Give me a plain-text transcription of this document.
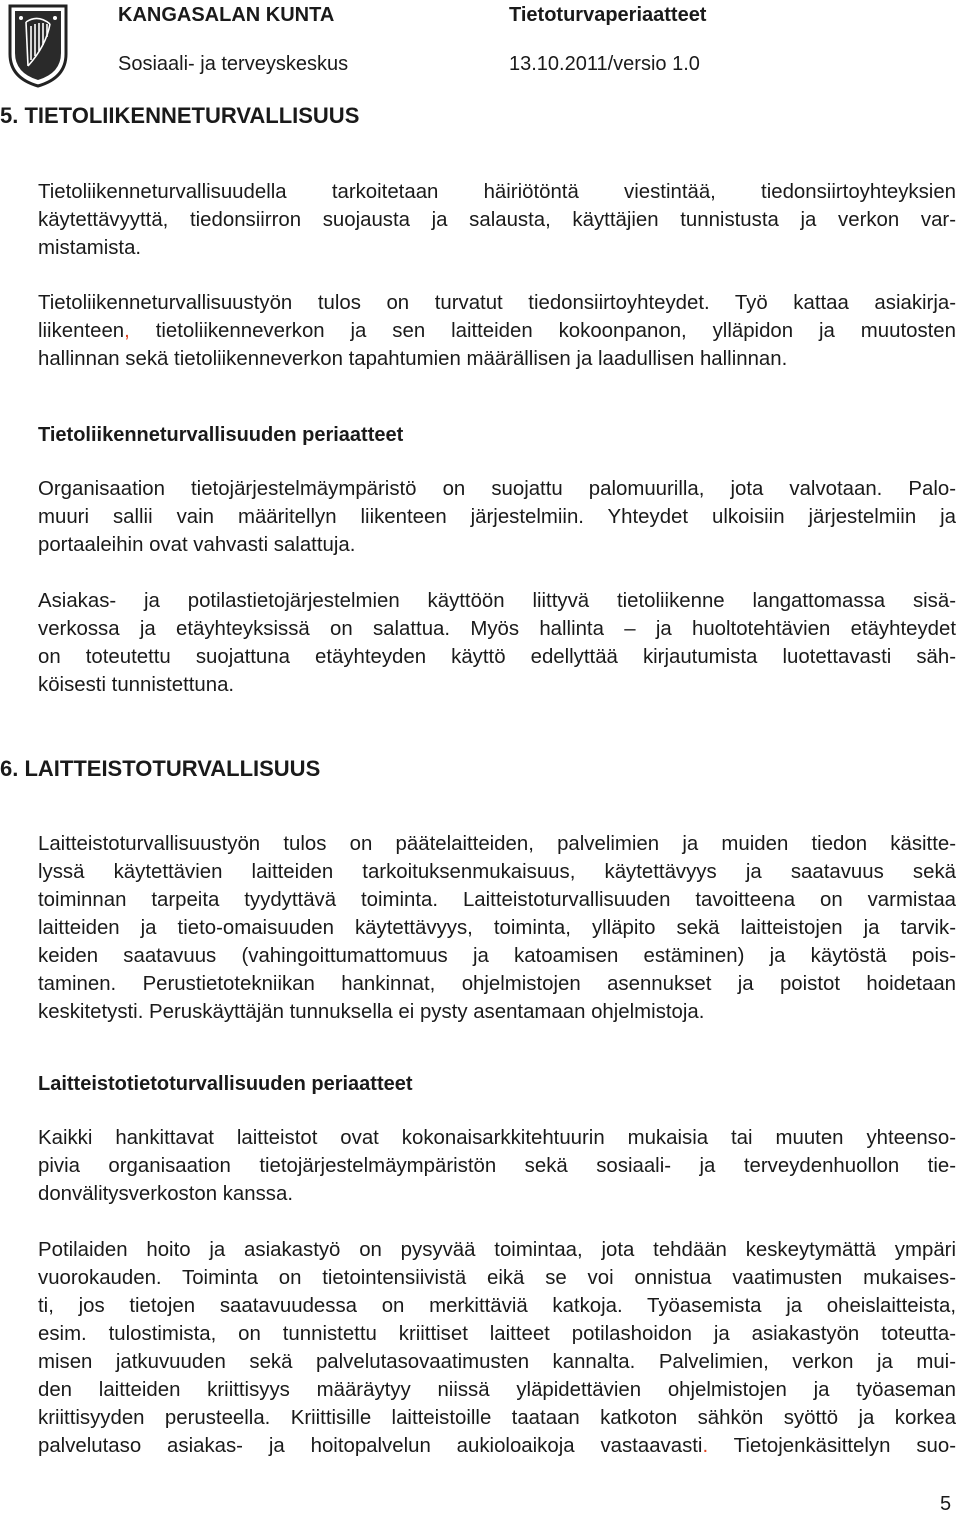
KANGASALAN KUNTA	Tietoturvaperiaatteet
Sosiaali- ja terveyskeskus	13.10.2011/versio 1.0
5. TIETOLIIKENNETURVALLISUUS
Tietoliikenneturvallisuudella tarkoitetaan häiriötöntä viestintää, tiedonsiirtoyhteyksien
käytettävyyttä, tiedonsiirron suojausta ja salausta, käyttäjien tunnistusta ja verkon var-
mistamista.
Tietoliikenneturvallisuustyön tulos on turvatut tiedonsiirtoyhteydet. Työ kattaa asiakirja-
liikenteen, tietoliikenneverkon ja sen laitteiden kokoonpanon, ylläpidon ja muutosten
hallinnan sekä tietoliikenneverkon tapahtumien määrällisen ja laadullisen hallinnan.
Tietoliikenneturvallisuuden periaatteet
Organisaation tietojärjestelmäympäristö on suojattu palomuurilla, jota valvotaan. Palo-
muuri sallii vain määritellyn liikenteen järjestelmiin. Yhteydet ulkoisiin järjestelmiin ja
portaaleihin ovat vahvasti salattuja.
Asiakas- ja potilastietojärjestelmien käyttöön liittyvä tietoliikenne langattomassa sisä-
verkossa ja etäyhteyksissä on salattua. Myös hallinta – ja huoltotehtävien etäyhteydet
on toteutettu suojattuna etäyhteyden käyttö edellyttää kirjautumista luotettavasti säh-
köisesti tunnistettuna.
6. LAITTEISTOTURVALLISUUS
Laitteistoturvallisuustyön tulos on päätelaitteiden, palvelimien ja muiden tiedon käsitte-
lyssä käytettävien laitteiden tarkoituksenmukaisuus, käytettävyys ja saatavuus sekä
toiminnan tarpeita tyydyttävä toiminta. Laitteistoturvallisuuden tavoitteena on varmistaa
laitteiden ja tieto-omaisuuden käytettävyys, toiminta, ylläpito sekä laitteistojen ja tarvik-
keiden saatavuus (vahingoittumattomuus ja katoamisen estäminen) ja käytöstä pois-
taminen. Perustietotekniikan hankinnat, ohjelmistojen asennukset ja poistot hoidetaan
keskitetysti. Peruskäyttäjän tunnuksella ei pysty asentamaan ohjelmistoja.
Laitteistotietoturvallisuuden periaatteet
Kaikki hankittavat laitteistot ovat kokonaisarkkitehtuurin mukaisia tai muuten yhteenso-
pivia organisaation tietojärjestelmäympäristön sekä sosiaali- ja terveydenhuollon tie-
donvälitysverkoston kanssa.
Potilaiden hoito ja asiakastyö on pysyvää toimintaa, jota tehdään keskeytymättä ympäri
vuorokauden. Toiminta on tietointensiivistä eikä se voi onnistua vaatimusten mukaises-
ti, jos tietojen saatavuudessa on merkittäviä katkoja. Työasemista ja oheislaitteista,
esim. tulostimista, on tunnistettu kriittiset laitteet potilashoidon ja asiakastyön toteutta-
misen jatkuvuuden sekä palvelutasovaatimusten kannalta. Palvelimien, verkon ja mui-
den laitteiden kriittisyys määräytyy niissä yläpidettävien ohjelmistojen ja työaseman
kriittisyyden perusteella. Kriittisille laitteistoille taataan katkoton sähkön syöttö ja korkea
palvelutaso asiakas- ja hoitopalvelun aukioloaikoja vastaavasti. Tietojenkäsittelyn suo-
5
